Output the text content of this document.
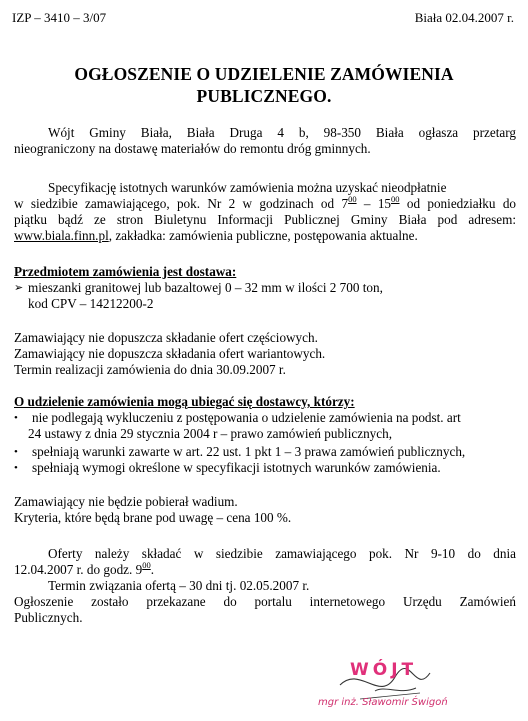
IZP – 3410 – 3/07	Biała 02.04.2007 r.
OGŁOSZENIE O UDZIELENIE ZAMÓWIENIA
PUBLICZNEGO.
Wójt Gminy Biała, Biała Druga 4 b, 98-350 Biała ogłasza przetarg
nieograniczony na dostawę materiałów do remontu dróg gminnych.
Specyfikację istotnych warunków zamówienia można uzyskać nieodpłatnie
w siedzibie zamawiającego, pok. Nr 2 w godzinach od $7^{00} - 15^{00}$ od poniedziałku do
piątku bądź ze stron Biuletynu Informacji Publicznej Gminy Biała pod adresem:
www.biala.finn.pl, zakładka: zamówienia publiczne, postępowania aktualne.
Przedmiotem zamówienia jest dostawa:
➢ mieszanki granitowej lub bazaltowej 0 – 32 mm w ilości 2 700 ton,
kod CPV – 14212200-2
Zamawiający nie dopuszcza składanie ofert częściowych.
Zamawiający nie dopuszcza składania ofert wariantowych.
Termin realizacji zamówienia do dnia 30.09.2007 r.
O udzielenie zamówienia mogą ubiegać się dostawcy, którzy:
• nie podlegają wykluczeniu z postępowania o udzielenie zamówienia na podst. art
24 ustawy z dnia 29 stycznia 2004 r – prawo zamówień publicznych,
• spełniają warunki zawarte w art. 22 ust. 1 pkt 1 – 3 prawa zamówień publicznych,
• spełniają wymogi określone w specyfikacji istotnych warunków zamówienia.
Zamawiający nie będzie pobierał wadium.
Kryteria, które będą brane pod uwagę – cena 100 %.
Oferty należy składać w siedzibie zamawiającego pok. Nr 9-10 do dnia
12.04.2007 r. do godz. $9^{00}$.
Termin związania ofertą – 30 dni tj. 02.05.2007 r.
Ogłoszenie zostało przekazane do portalu internetowego Urzędu Zamówień
Publicznych.
WÓJT
mgr inż. Sławomir Świgoń
